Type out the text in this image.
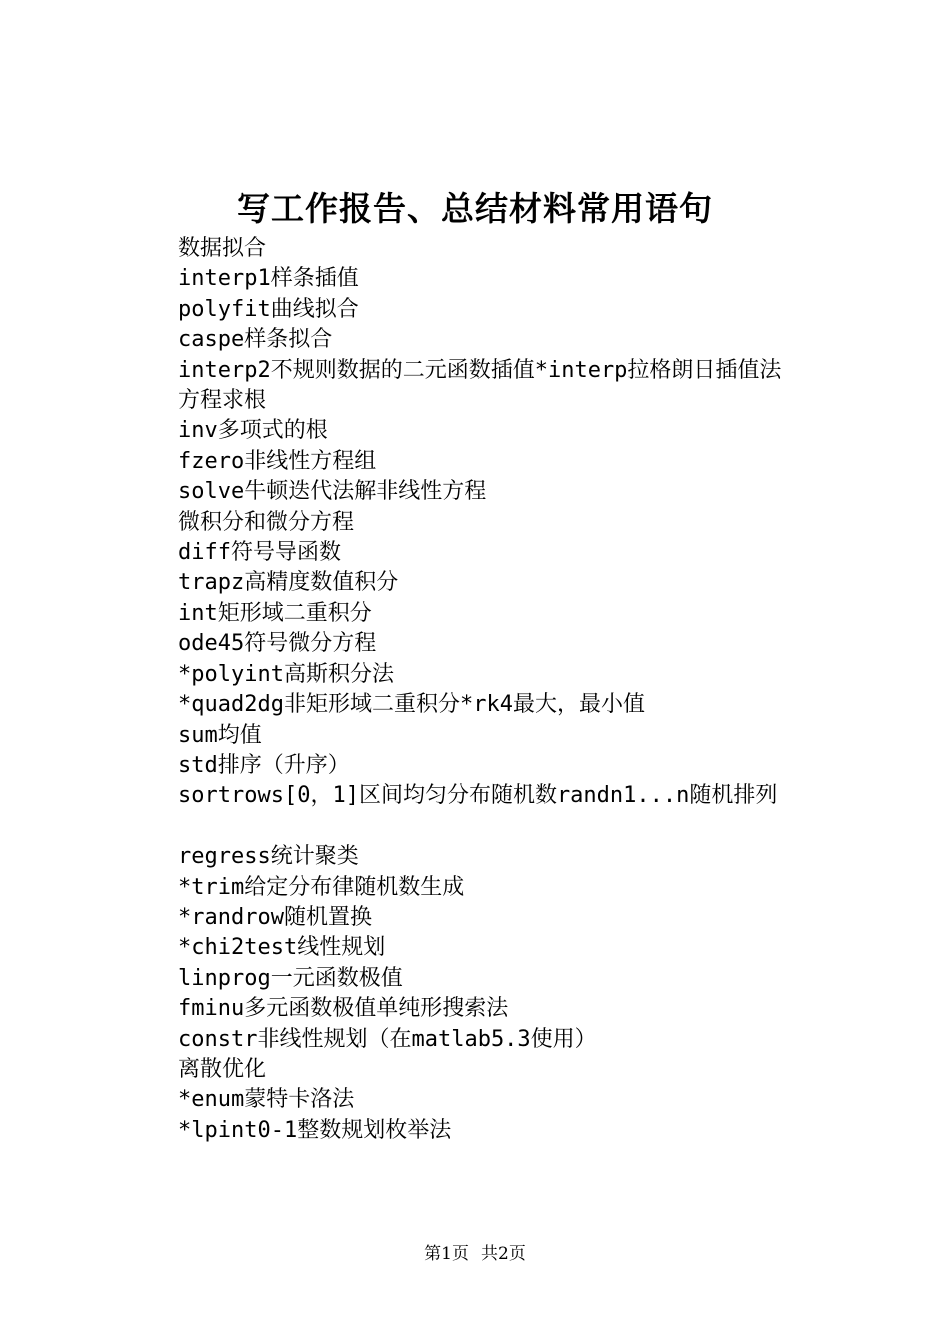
写工作报告、总结材料常用语句
数据拟合
interp1样条插值
polyfit曲线拟合
caspe样条拟合
interp2不规则数据的二元函数插值*interp拉格朗日插值法
方程求根
inv多项式的根
fzero非线性方程组
solve牛顿迭代法解非线性方程
微积分和微分方程
diff符号导函数
trapz高精度数值积分
int矩形域二重积分
ode45符号微分方程
*polyint高斯积分法
*quad2dg非矩形域二重积分*rk4最大，最小值
sum均值
std排序（升序）
sortrows[0，1]区间均匀分布随机数randn1...n随机排列
regress统计聚类
*trim给定分布律随机数生成
*randrow随机置换
*chi2test线性规划
linprog一元函数极值
fminu多元函数极值单纯形搜索法
constr非线性规划（在matlab5.3使用）
离散优化
*enum蒙特卡洛法
*lpint0-1整数规划枚举法
第1页 共2页
